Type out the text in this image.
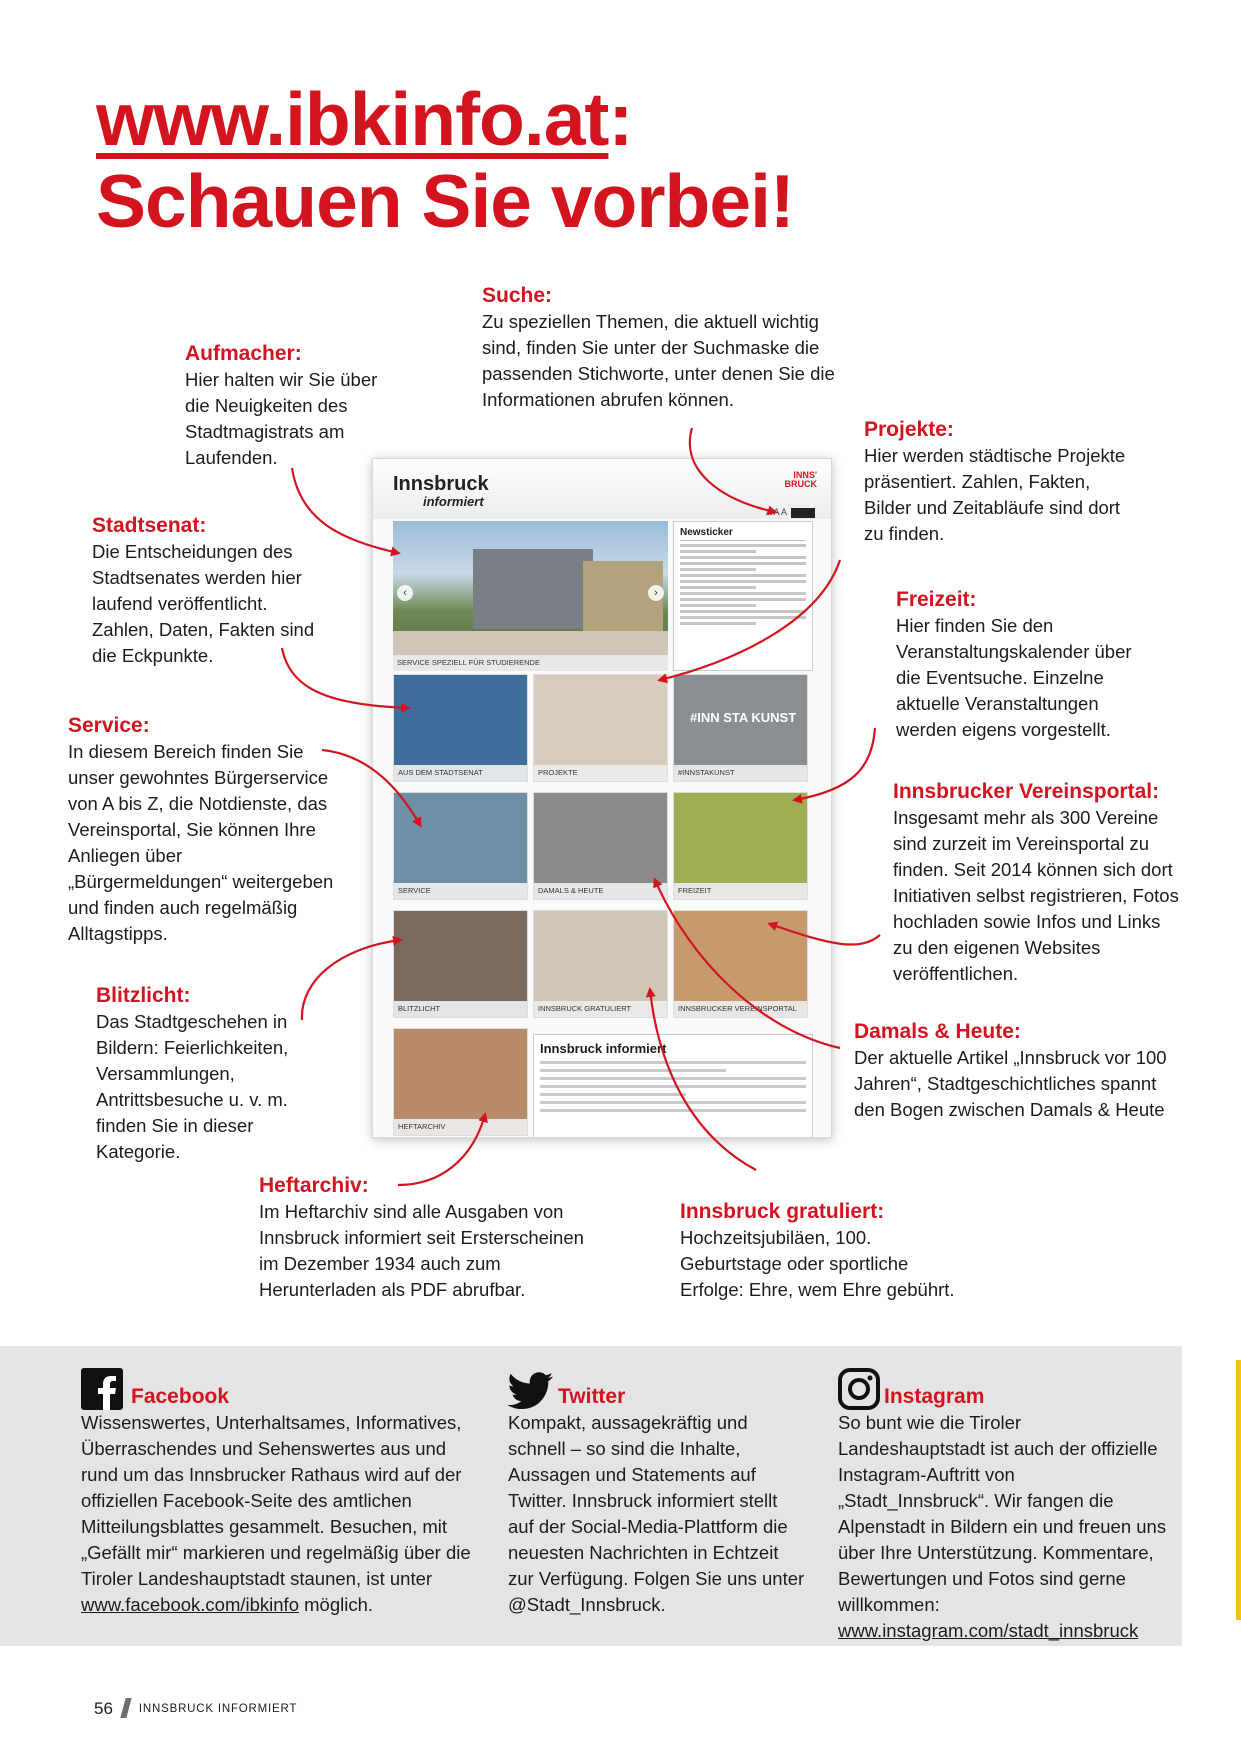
www.ibkinfo.at:
Schauen Sie vorbei!
Suche:
Zu speziellen Themen, die aktuell wichtig sind, finden Sie unter der Suchmaske die passenden Stichworte, unter denen Sie die Informationen abrufen können.
Aufmacher:
Hier halten wir Sie über die Neuigkeiten des Stadtmagistrats am Laufenden.
Projekte:
Hier werden städtische Projekte präsentiert. Zahlen, Fakten, Bilder und Zeitabläufe sind dort zu finden.
Stadtsenat:
Die Entscheidungen des Stadtsenates werden hier laufend veröffentlicht. Zahlen, Daten, Fakten sind die Eckpunkte.
Freizeit:
Hier finden Sie den Veranstaltungskalender über die Eventsuche. Einzelne aktuelle Veranstaltungen werden eigens vorgestellt.
Service:
In diesem Bereich finden Sie unser gewohntes Bürgerservice von A bis Z, die Notdienste, das Vereinsportal, Sie können Ihre Anliegen über „Bürgermeldungen“ weitergeben und finden auch regelmäßig Alltagstipps.
Innsbrucker Vereinsportal:
Insgesamt mehr als 300 Vereine sind zurzeit im Vereinsportal zu finden. Seit 2014 können sich dort Initiativen selbst registrieren, Fotos hochladen sowie Infos und Links zu den eigenen Websites veröffentlichen.
Blitzlicht:
Das Stadtgeschehen in Bildern: Feierlichkeiten, Versammlungen, Antrittsbesuche u. v. m. finden Sie in dieser Kategorie.
Damals & Heute:
Der aktuelle Artikel „Innsbruck vor 100 Jahren“, Stadtgeschichtliches spannt den Bogen zwischen Damals & Heute
Heftarchiv:
Im Heftarchiv sind alle Ausgaben von Innsbruck informiert seit Ersterscheinen im Dezember 1934 auch zum Herunterladen als PDF abrufbar.
Innsbruck gratuliert:
Hochzeitsjubiläen, 100. Geburtstage oder sportliche Erfolge: Ehre, wem Ehre gebührt.
Innsbruck
informiert
INNS'
BRUCK
A A A
‹	›
SERVICE SPEZIELL FÜR STUDIERENDE
Newsticker
AUS DEM STADTSENAT	PROJEKTE
#INN STA KUNST
#INNSTAKUNST
SERVICE	DAMALS & HEUTE	FREIZEIT
BLITZLICHT	INNSBRUCK GRATULIERT	INNSBRUCKER VEREINSPORTAL
HEFTARCHIV
Innsbruck informiert
Facebook
Wissenswertes, Unterhaltsames, Informatives, Überraschendes und Sehenswertes aus und rund um das Innsbrucker Rathaus wird auf der offiziellen Facebook-Seite des amtlichen Mitteilungsblattes gesammelt. Besuchen, mit „Gefällt mir“ markieren und regelmäßig über die Tiroler Landeshauptstadt staunen, ist unter www.facebook.com/ibkinfo möglich.
Twitter
Kompakt, aussagekräftig und schnell – so sind die Inhalte, Aussagen und Statements auf Twitter. Innsbruck informiert stellt auf der Social-Media-Plattform die neuesten Nachrichten in Echtzeit zur Verfügung. Folgen Sie uns unter @Stadt_Innsbruck.
Instagram
So bunt wie die Tiroler Landeshauptstadt ist auch der offizielle Instagram-Auftritt von „Stadt_Innsbruck“. Wir fangen die Alpenstadt in Bildern ein und freuen uns über Ihre Unterstützung. Kommentare, Bewertungen und Fotos sind gerne willkommen: www.instagram.com/stadt_innsbruck
56 INNSBRUCK INFORMIERT
